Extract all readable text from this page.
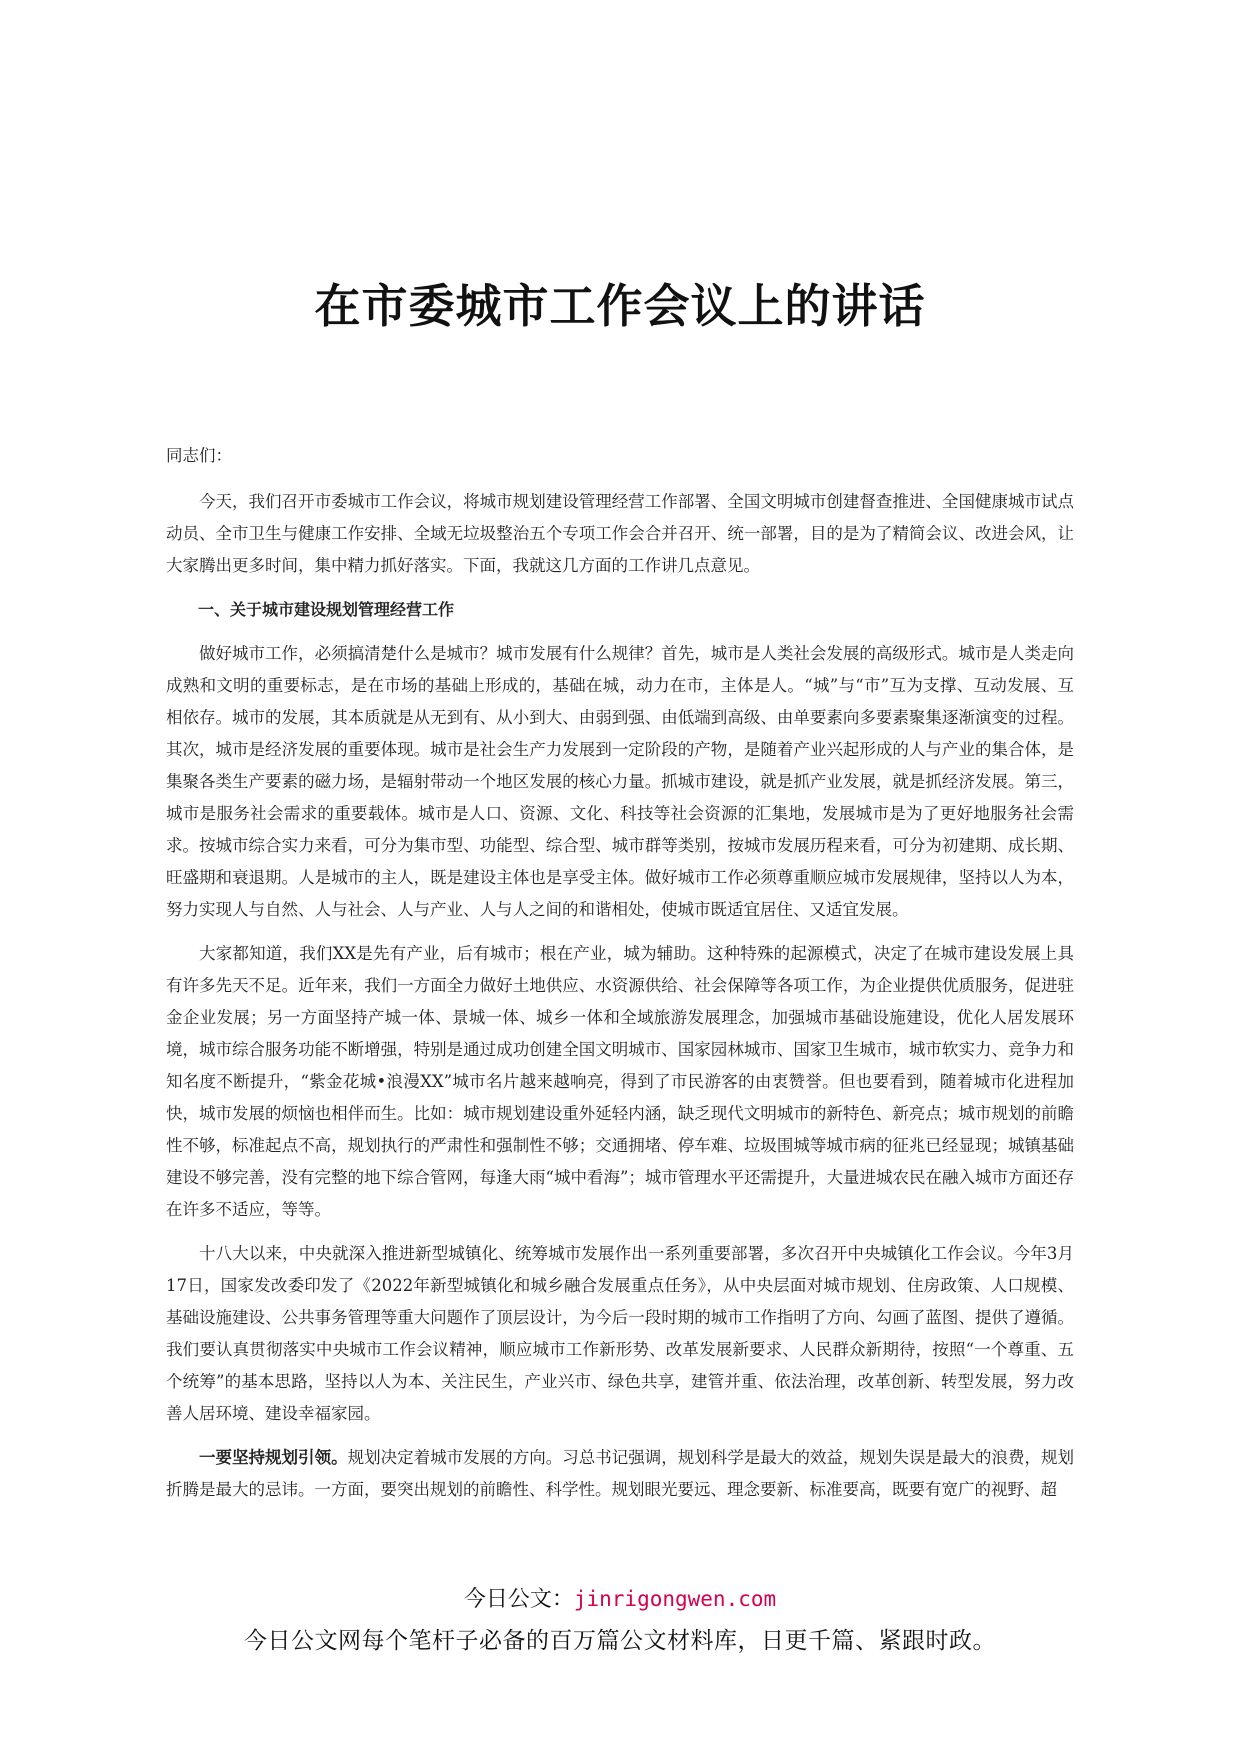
在市委城市工作会议上的讲话

同志们：

今天，我们召开市委城市工作会议，将城市规划建设管理经营工作部署、全国文明城市创建督查推进、全国健康城市试点动员、全市卫生与健康工作安排、全域无垃圾整治五个专项工作会合并召开、统一部署，目的是为了精简会议、改进会风，让大家腾出更多时间，集中精力抓好落实。下面，我就这几方面的工作讲几点意见。

一、关于城市建设规划管理经营工作

做好城市工作，必须搞清楚什么是城市？城市发展有什么规律？首先，城市是人类社会发展的高级形式。城市是人类走向成熟和文明的重要标志，是在市场的基础上形成的，基础在城，动力在市，主体是人。“城”与“市”互为支撑、互动发展、互相依存。城市的发展，其本质就是从无到有、从小到大、由弱到强、由低端到高级、由单要素向多要素聚集逐渐演变的过程。其次，城市是经济发展的重要体现。城市是社会生产力发展到一定阶段的产物，是随着产业兴起形成的人与产业的集合体，是集聚各类生产要素的磁力场，是辐射带动一个地区发展的核心力量。抓城市建设，就是抓产业发展，就是抓经济发展。第三，城市是服务社会需求的重要载体。城市是人口、资源、文化、科技等社会资源的汇集地，发展城市是为了更好地服务社会需求。按城市综合实力来看，可分为集市型、功能型、综合型、城市群等类别，按城市发展历程来看，可分为初建期、成长期、旺盛期和衰退期。人是城市的主人，既是建设主体也是享受主体。做好城市工作必须尊重顺应城市发展规律，坚持以人为本，努力实现人与自然、人与社会、人与产业、人与人之间的和谐相处，使城市既适宜居住、又适宜发展。

大家都知道，我们XX是先有产业，后有城市；根在产业，城为辅助。这种特殊的起源模式，决定了在城市建设发展上具有许多先天不足。近年来，我们一方面全力做好土地供应、水资源供给、社会保障等各项工作，为企业提供优质服务，促进驻金企业发展；另一方面坚持产城一体、景城一体、城乡一体和全域旅游发展理念，加强城市基础设施建设，优化人居发展环境，城市综合服务功能不断增强，特别是通过成功创建全国文明城市、国家园林城市、国家卫生城市，城市软实力、竞争力和知名度不断提升，“紫金花城•浪漫XX”城市名片越来越响亮，得到了市民游客的由衷赞誉。但也要看到，随着城市化进程加快，城市发展的烦恼也相伴而生。比如：城市规划建设重外延轻内涵，缺乏现代文明城市的新特色、新亮点；城市规划的前瞻性不够，标准起点不高，规划执行的严肃性和强制性不够；交通拥堵、停车难、垃圾围城等城市病的征兆已经显现；城镇基础建设不够完善，没有完整的地下综合管网，每逢大雨“城中看海”；城市管理水平还需提升，大量进城农民在融入城市方面还存在许多不适应，等等。

十八大以来，中央就深入推进新型城镇化、统筹城市发展作出一系列重要部署，多次召开中央城镇化工作会议。今年3月17日，国家发改委印发了《2022年新型城镇化和城乡融合发展重点任务》，从中央层面对城市规划、住房政策、人口规模、基础设施建设、公共事务管理等重大问题作了顶层设计，为今后一段时期的城市工作指明了方向、勾画了蓝图、提供了遵循。我们要认真贯彻落实中央城市工作会议精神，顺应城市工作新形势、改革发展新要求、人民群众新期待，按照“一个尊重、五个统筹”的基本思路，坚持以人为本、关注民生，产业兴市、绿色共享，建管并重、依法治理，改革创新、转型发展，努力改善人居环境、建设幸福家园。

一要坚持规划引领。规划决定着城市发展的方向。习总书记强调，规划科学是最大的效益，规划失误是最大的浪费，规划折腾是最大的忌讳。一方面，要突出规划的前瞻性、科学性。规划眼光要远、理念要新、标准要高，既要有宽广的视野、超

今日公文：jinrigongwen.com
今日公文网每个笔杆子必备的百万篇公文材料库，日更千篇、紧跟时政。
